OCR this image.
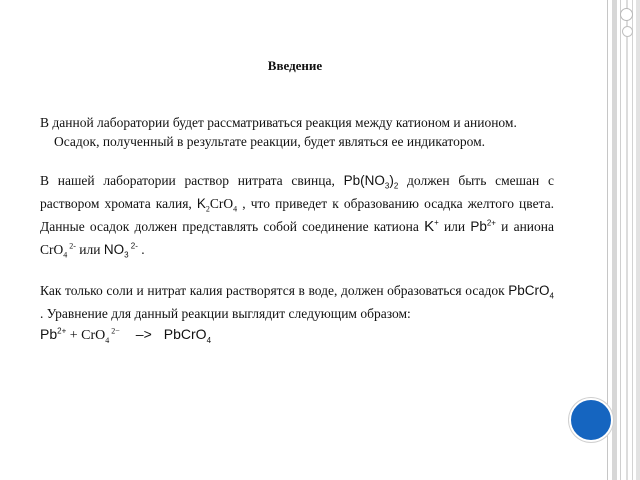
Введение

В данной лаборатории будет рассматриваться реакция между катионом и анионом.

Осадок, полученный в результате реакции, будет являться ее индикатором.

В нашей лаборатории раствор нитрата свинца, $Pb(NO_3)_2$ должен быть смешан с раствором хромата калия, $K_2CrO_4$ , что приведет к образованию осадка желтого цвета. Данные осадок должен представлять собой соединение катиона K+ или $Pb^{2+}$ и аниона CrO$_4$ $^{2-}$ или $NO_3$ $^{2-}$ .

Как только соли и нитрат калия растворятся в воде, должен образоваться осадок PbCrO$_4$ . Уравнение для данный реакции выглядит следующим образом:

$Pb^{2+} + CrO_4$ $^{2-}$ –> PbCrO$_4$
